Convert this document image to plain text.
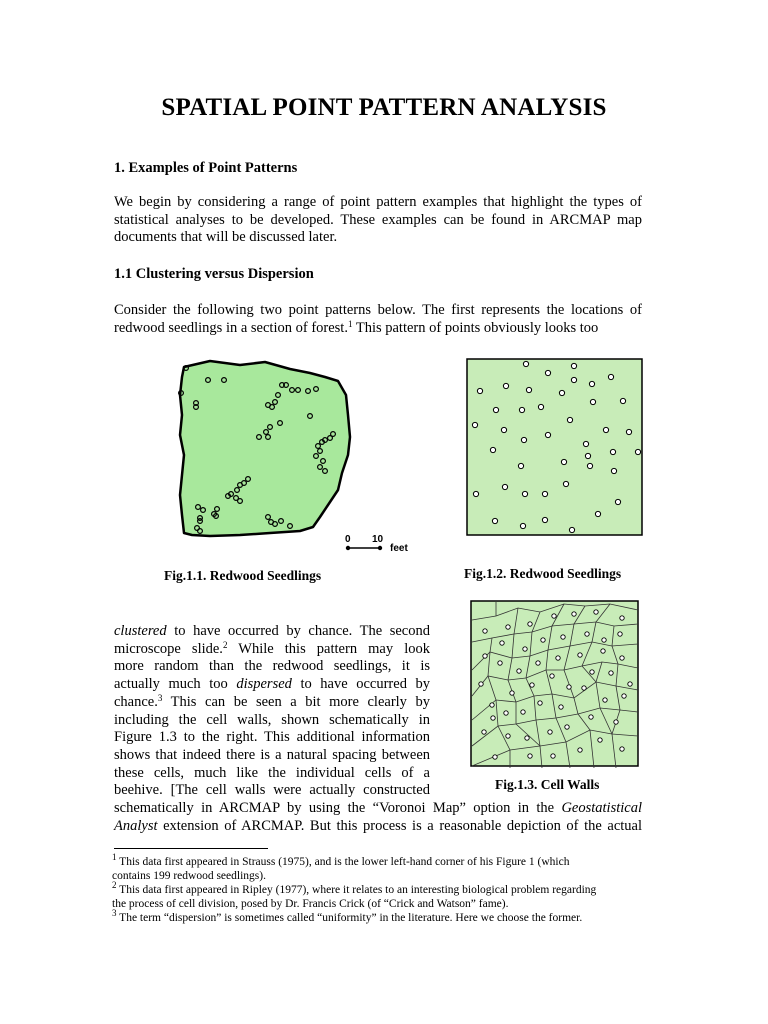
SPATIAL POINT PATTERN ANALYSIS
1. Examples of Point Patterns
We begin by considering a range of point pattern examples that highlight the types of
statistical analyses to be developed. These examples can be found in ARCMAP map
documents that will be discussed later.
1.1 Clustering versus Dispersion
Consider the following two point patterns below. The first represents the locations of
redwood seedlings in a section of forest.$^1$ This pattern of points obviously looks too
0 10
feet
Fig.1.1. Redwood Seedlings	Fig.1.2. Redwood Seedlings
Fig.1.3. Cell Walls
clustered to have occurred by chance. The second
microscope slide.$^2$ While this pattern may look
more random than the redwood seedlings, it is
actually much too dispersed to have occurred by
chance.$^3$ This can be seen a bit more clearly by
including the cell walls, shown schematically in
Figure 1.3 to the right. This additional information
shows that indeed there is a natural spacing between
these cells, much like the individual cells of a
beehive. [The cell walls were actually constructed
schematically in ARCMAP by using the “Voronoi Map” option in the Geostatistical
Analyst extension of ARCMAP. But this process is a reasonable depiction of the actual

$^1$ This data first appeared in Strauss (1975), and is the lower left-hand corner of his Figure 1 (which

contains 199 redwood seedlings).

$^2$ This data first appeared in Ripley (1977), where it relates to an interesting biological problem regarding

the process of cell division, posed by Dr. Francis Crick (of “Crick and Watson” fame).

$^3$ The term “dispersion” is sometimes called “uniformity” in the literature. Here we choose the former.
